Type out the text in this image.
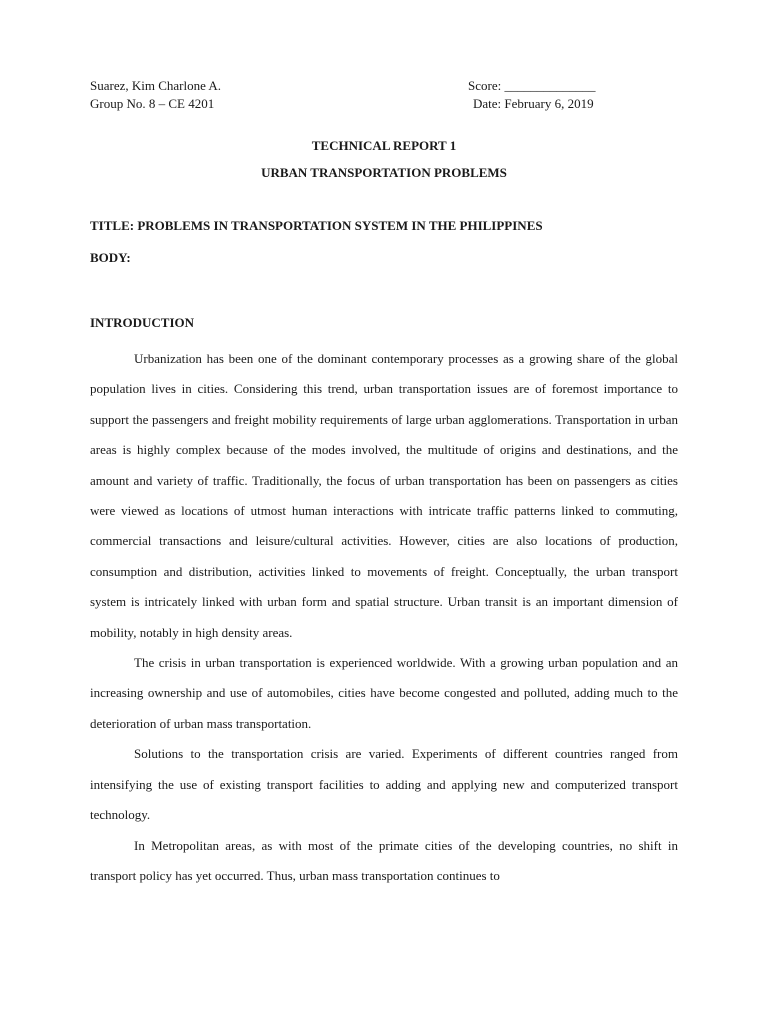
Suarez, Kim Charlone A.	Score: ______________
Group No. 8 – CE 4201	Date: February 6, 2019
TECHNICAL REPORT 1
URBAN TRANSPORTATION PROBLEMS
TITLE: PROBLEMS IN TRANSPORTATION SYSTEM IN THE PHILIPPINES
BODY:
INTRODUCTION

Urbanization has been one of the dominant contemporary processes as a growing share of the global population lives in cities. Considering this trend, urban transportation issues are of foremost importance to support the passengers and freight mobility requirements of large urban agglomerations. Transportation in urban areas is highly complex because of the modes involved, the multitude of origins and destinations, and the amount and variety of traffic. Traditionally, the focus of urban transportation has been on passengers as cities were viewed as locations of utmost human interactions with intricate traffic patterns linked to commuting, commercial transactions and leisure/cultural activities. However, cities are also locations of production, consumption and distribution, activities linked to movements of freight. Conceptually, the urban transport system is intricately linked with urban form and spatial structure. Urban transit is an important dimension of mobility, notably in high density areas.

The crisis in urban transportation is experienced worldwide. With a growing urban population and an increasing ownership and use of automobiles, cities have become congested and polluted, adding much to the deterioration of urban mass transportation.

Solutions to the transportation crisis are varied. Experiments of different countries ranged from intensifying the use of existing transport facilities to adding and applying new and computerized transport technology.

In Metropolitan areas, as with most of the primate cities of the developing countries, no shift in transport policy has yet occurred. Thus, urban mass transportation continues to
